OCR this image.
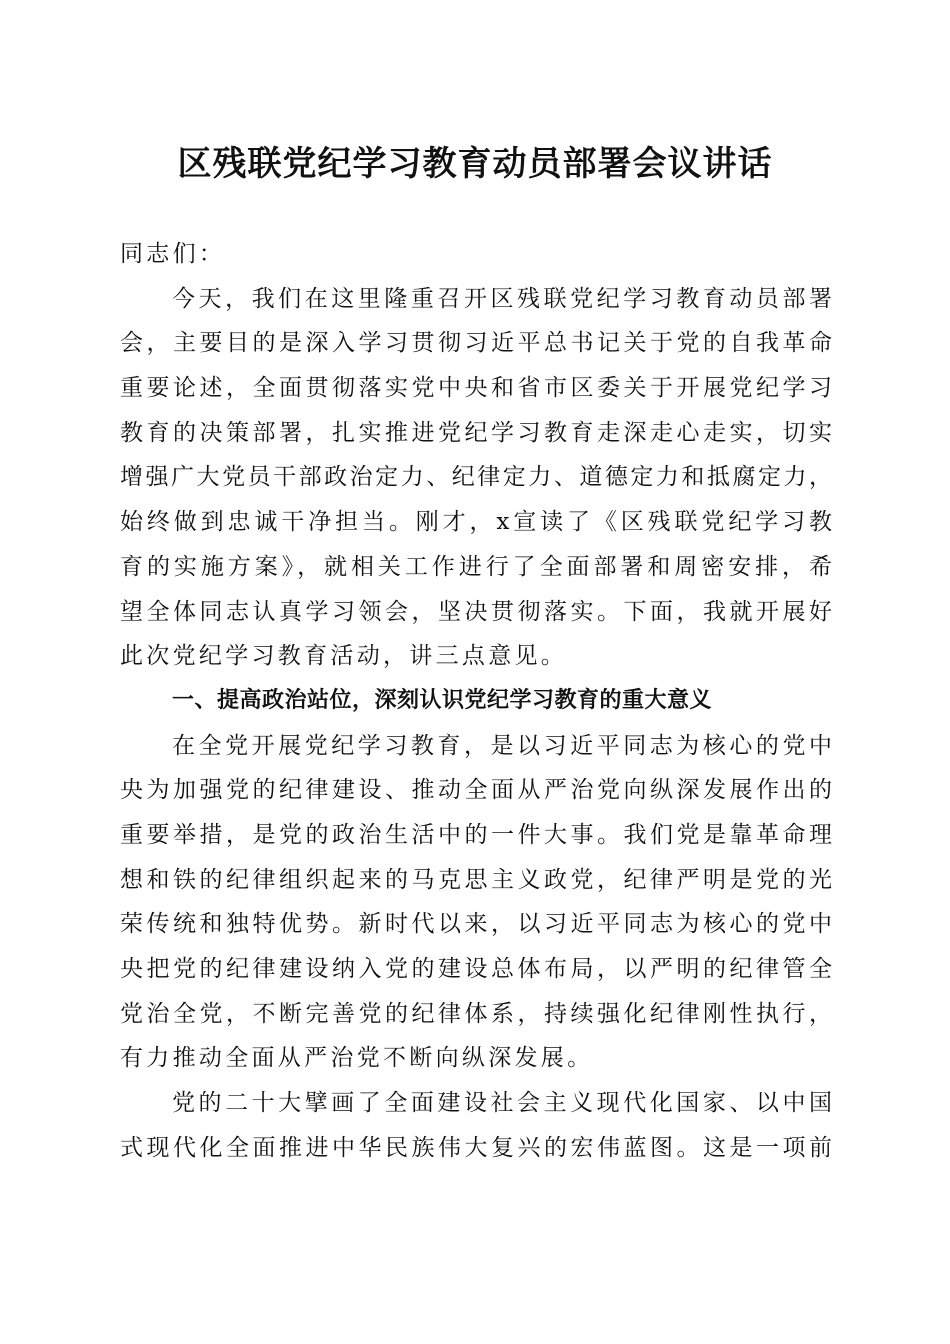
区残联党纪学习教育动员部署会议讲话
同志们：
今天，我们在这里隆重召开区残联党纪学习教育动员部署
会，主要目的是深入学习贯彻习近平总书记关于党的自我革命
重要论述，全面贯彻落实党中央和省市区委关于开展党纪学习
教育的决策部署，扎实推进党纪学习教育走深走心走实，切实
增强广大党员干部政治定力、纪律定力、道德定力和抵腐定力，
始终做到忠诚干净担当。刚才，x宣读了《区残联党纪学习教
育的实施方案》，就相关工作进行了全面部署和周密安排，希
望全体同志认真学习领会，坚决贯彻落实。下面，我就开展好
此次党纪学习教育活动，讲三点意见。
一、提高政治站位，深刻认识党纪学习教育的重大意义
在全党开展党纪学习教育，是以习近平同志为核心的党中
央为加强党的纪律建设、推动全面从严治党向纵深发展作出的
重要举措，是党的政治生活中的一件大事。我们党是靠革命理
想和铁的纪律组织起来的马克思主义政党，纪律严明是党的光
荣传统和独特优势。新时代以来，以习近平同志为核心的党中
央把党的纪律建设纳入党的建设总体布局，以严明的纪律管全
党治全党，不断完善党的纪律体系，持续强化纪律刚性执行，
有力推动全面从严治党不断向纵深发展。
党的二十大擘画了全面建设社会主义现代化国家、以中国
式现代化全面推进中华民族伟大复兴的宏伟蓝图。这是一项前
